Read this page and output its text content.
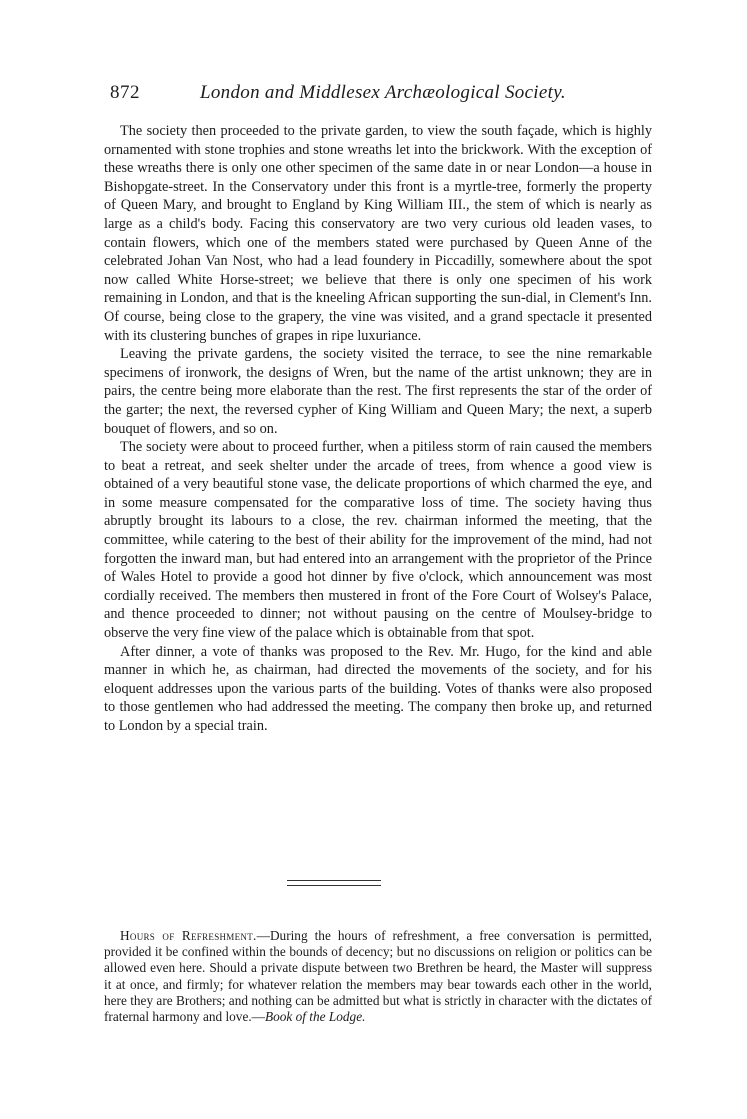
872	London and Middlesex Archæological Society.

The society then proceeded to the private garden, to view the south façade, which is highly ornamented with stone trophies and stone wreaths let into the brickwork. With the exception of these wreaths there is only one other specimen of the same date in or near London—a house in Bishopgate-street. In the Conservatory under this front is a myrtle-tree, formerly the property of Queen Mary, and brought to England by King William III., the stem of which is nearly as large as a child's body. Facing this conservatory are two very curious old leaden vases, to contain flowers, which one of the members stated were purchased by Queen Anne of the celebrated Johan Van Nost, who had a lead foundery in Piccadilly, somewhere about the spot now called White Horse-street; we believe that there is only one specimen of his work remaining in London, and that is the kneeling African supporting the sun-dial, in Clement's Inn. Of course, being close to the grapery, the vine was visited, and a grand spectacle it presented with its clustering bunches of grapes in ripe luxuriance.

Leaving the private gardens, the society visited the terrace, to see the nine remarkable specimens of ironwork, the designs of Wren, but the name of the artist unknown; they are in pairs, the centre being more elaborate than the rest. The first represents the star of the order of the garter; the next, the reversed cypher of King William and Queen Mary; the next, a superb bouquet of flowers, and so on.

The society were about to proceed further, when a pitiless storm of rain caused the members to beat a retreat, and seek shelter under the arcade of trees, from whence a good view is obtained of a very beautiful stone vase, the delicate proportions of which charmed the eye, and in some measure compensated for the comparative loss of time. The society having thus abruptly brought its labours to a close, the rev. chairman informed the meeting, that the committee, while catering to the best of their ability for the improvement of the mind, had not forgotten the inward man, but had entered into an arrangement with the proprietor of the Prince of Wales Hotel to provide a good hot dinner by five o'clock, which announcement was most cordially received. The members then mustered in front of the Fore Court of Wolsey's Palace, and thence proceeded to dinner; not without pausing on the centre of Moulsey-bridge to observe the very fine view of the palace which is obtainable from that spot.

After dinner, a vote of thanks was proposed to the Rev. Mr. Hugo, for the kind and able manner in which he, as chairman, had directed the movements of the society, and for his eloquent addresses upon the various parts of the building. Votes of thanks were also proposed to those gentlemen who had addressed the meeting. The company then broke up, and returned to London by a special train.

Hours of Refreshment.—During the hours of refreshment, a free conversation is permitted, provided it be confined within the bounds of decency; but no discussions on religion or politics can be allowed even here. Should a private dispute between two Brethren be heard, the Master will suppress it at once, and firmly; for whatever relation the members may bear towards each other in the world, here they are Brothers; and nothing can be admitted but what is strictly in character with the dictates of fraternal harmony and love.—Book of the Lodge.
